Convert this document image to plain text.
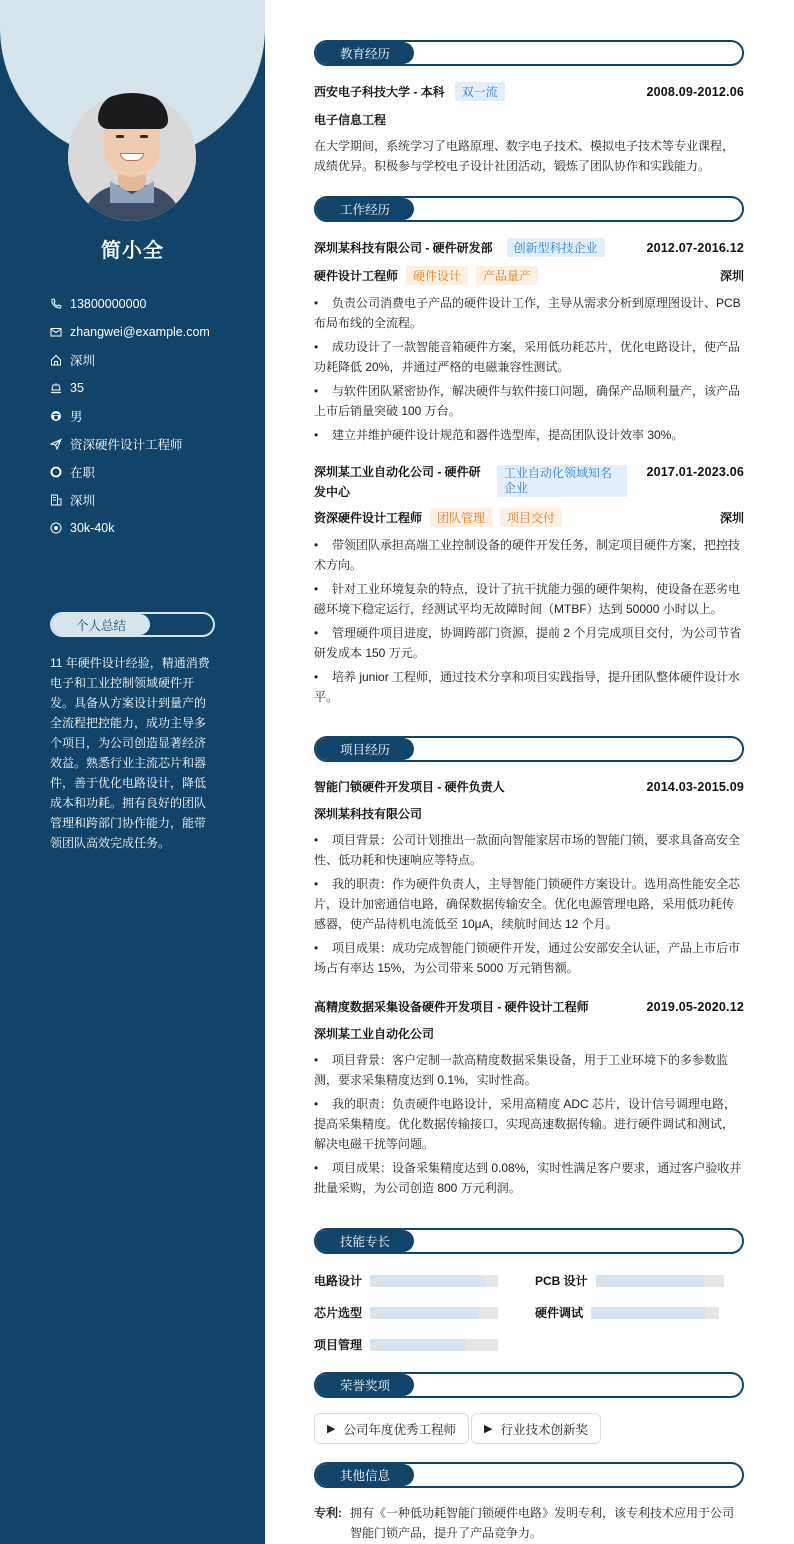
简小全
13800000000
zhangwei@example.com
深圳
35
男
资深硬件设计工程师
在职
深圳
30k-40k
个人总结
11 年硬件设计经验，精通消费电子和工业控制领域硬件开发。具备从方案设计到量产的全流程把控能力，成功主导多个项目，为公司创造显著经济效益。熟悉行业主流芯片和器件，善于优化电路设计，降低成本和功耗。拥有良好的团队管理和跨部门协作能力，能带领团队高效完成任务。
教育经历
西安电子科技大学 - 本科	双一流	2008.09-2012.06
电子信息工程
在大学期间，系统学习了电路原理、数字电子技术、模拟电子技术等专业课程，成绩优异。积极参与学校电子设计社团活动，锻炼了团队协作和实践能力。
工作经历
深圳某科技有限公司 - 硬件研发部	创新型科技企业	2012.07-2016.12
硬件设计工程师	硬件设计	产品量产	深圳
•负责公司消费电子产品的硬件设计工作，主导从需求分析到原理图设计、PCB 布局布线的全流程。
•成功设计了一款智能音箱硬件方案，采用低功耗芯片，优化电路设计，使产品功耗降低 20%，并通过严格的电磁兼容性测试。
•与软件团队紧密协作，解决硬件与软件接口问题，确保产品顺利量产，该产品上市后销量突破 100 万台。
•建立并维护硬件设计规范和器件选型库，提高团队设计效率 30%。
深圳某工业自动化公司 - 硬件研发中心
工业自动化领域知名企业
2017.01-2023.06
资深硬件设计工程师	团队管理	项目交付	深圳
•带领团队承担高端工业控制设备的硬件开发任务，制定项目硬件方案，把控技术方向。
•针对工业环境复杂的特点，设计了抗干扰能力强的硬件架构，使设备在恶劣电磁环境下稳定运行，经测试平均无故障时间（MTBF）达到 50000 小时以上。
•管理硬件项目进度，协调跨部门资源，提前 2 个月完成项目交付，为公司节省研发成本 150 万元。
•培养 junior 工程师，通过技术分享和项目实践指导，提升团队整体硬件设计水平。
项目经历
智能门锁硬件开发项目 - 硬件负责人	2014.03-2015.09
深圳某科技有限公司
•项目背景：公司计划推出一款面向智能家居市场的智能门锁，要求具备高安全性、低功耗和快速响应等特点。
•我的职责：作为硬件负责人，主导智能门锁硬件方案设计。选用高性能安全芯片，设计加密通信电路，确保数据传输安全。优化电源管理电路，采用低功耗传感器，使产品待机电流低至 10μA，续航时间达 12 个月。
•项目成果：成功完成智能门锁硬件开发，通过公安部安全认证，产品上市后市场占有率达 15%，为公司带来 5000 万元销售额。
高精度数据采集设备硬件开发项目 - 硬件设计工程师	2019.05-2020.12
深圳某工业自动化公司
•项目背景：客户定制一款高精度数据采集设备，用于工业环境下的多参数监测，要求采集精度达到 0.1%，实时性高。
•我的职责：负责硬件电路设计，采用高精度 ADC 芯片，设计信号调理电路，提高采集精度。优化数据传输接口，实现高速数据传输。进行硬件调试和测试，解决电磁干扰等问题。
•项目成果：设备采集精度达到 0.08%，实时性满足客户要求，通过客户验收并批量采购，为公司创造 800 万元利润。
技能专长
电路设计	PCB 设计
芯片选型	硬件调试
项目管理
荣誉奖项
▶ 公司年度优秀工程师	▶ 行业技术创新奖
其他信息
专利: 拥有《一种低功耗智能门锁硬件电路》发明专利，该专利技术应用于公司智能门锁产品，提升了产品竞争力。
